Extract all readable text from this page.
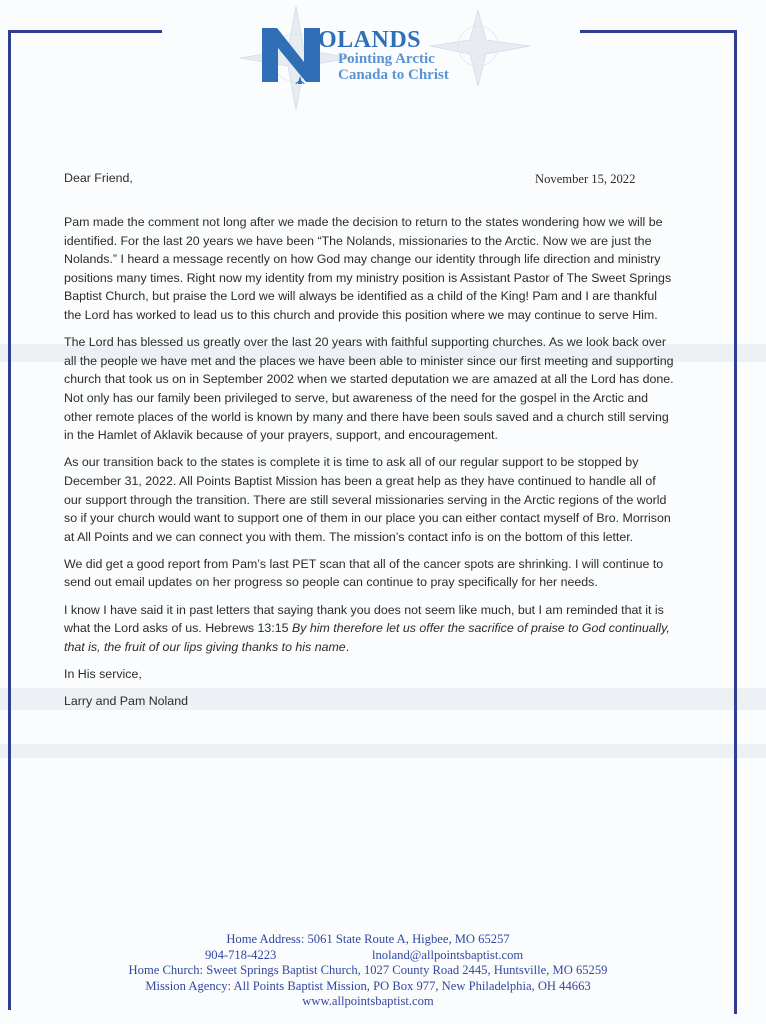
OLANDS
Pointing Arctic
Canada to Christ
Dear Friend,	November 15, 2022

Pam made the comment not long after we made the decision to return to the states wondering how we will be identified. For the last 20 years we have been “The Nolands, missionaries to the Arctic. Now we are just the Nolands.” I heard a message recently on how God may change our identity through life direction and ministry positions many times. Right now my identity from my ministry position is Assistant Pastor of The Sweet Springs Baptist Church, but praise the Lord we will always be identified as a child of the King! Pam and I are thankful the Lord has worked to lead us to this church and provide this position where we may continue to serve Him.

The Lord has blessed us greatly over the last 20 years with faithful supporting churches. As we look back over all the people we have met and the places we have been able to minister since our first meeting and supporting church that took us on in September 2002 when we started deputation we are amazed at all the Lord has done. Not only has our family been privileged to serve, but awareness of the need for the gospel in the Arctic and other remote places of the world is known by many and there have been souls saved and a church still serving in the Hamlet of Aklavik because of your prayers, support, and encouragement.

As our transition back to the states is complete it is time to ask all of our regular support to be stopped by December 31, 2022. All Points Baptist Mission has been a great help as they have continued to handle all of our support through the transition. There are still several missionaries serving in the Arctic regions of the world so if your church would want to support one of them in our place you can either contact myself of Bro. Morrison at All Points and we can connect you with them. The mission’s contact info is on the bottom of this letter.

We did get a good report from Pam’s last PET scan that all of the cancer spots are shrinking. I will continue to send out email updates on her progress so people can continue to pray specifically for her needs.

I know I have said it in past letters that saying thank you does not seem like much, but I am reminded that it is what the Lord asks of us. Hebrews 13:15 By him therefore let us offer the sacrifice of praise to God continually, that is, the fruit of our lips giving thanks to his name.

In His service,

Larry and Pam Noland

Home Address: 5061 State Route A, Higbee, MO 65257
904-718-4223	lnoland@allpointsbaptist.com
Home Church: Sweet Springs Baptist Church, 1027 County Road 2445, Huntsville, MO 65259
Mission Agency: All Points Baptist Mission, PO Box 977, New Philadelphia, OH 44663
www.allpointsbaptist.com
